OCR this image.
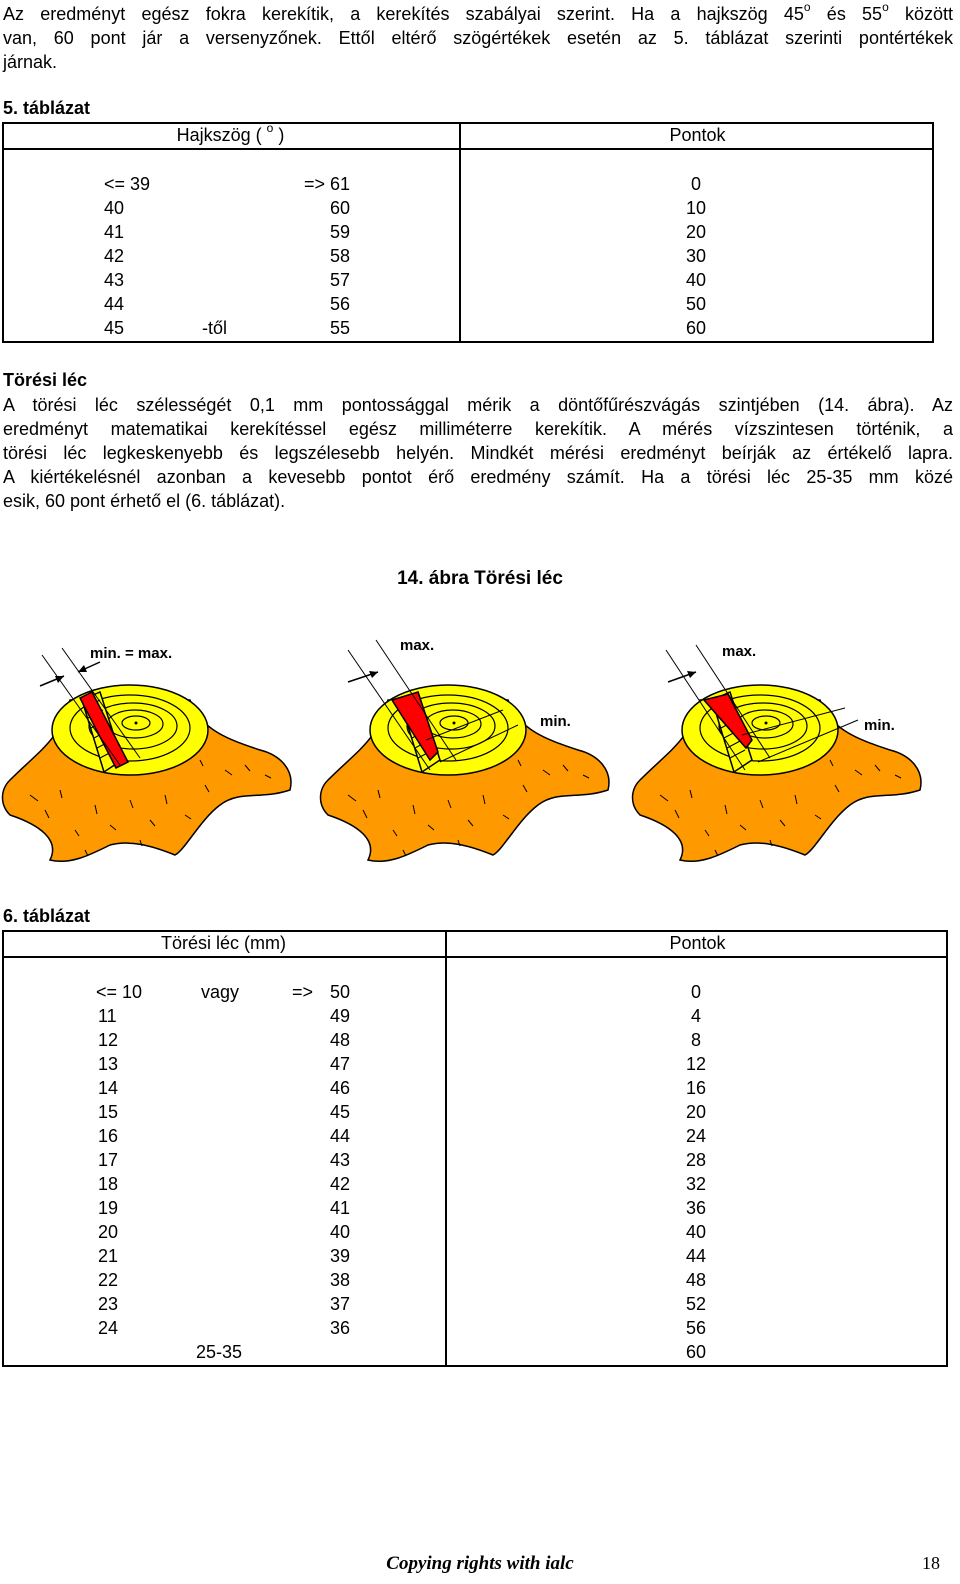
Az eredményt egész fokra kerekítik, a kerekítés szabályai szerint. Ha a hajkszög 45$^o$ és 55$^o$ között
van, 60 pont jár a versenyzőnek. Ettől eltérő szögértékek esetén az 5. táblázat szerinti pontértékek
járnak.
5. táblázat
Hajkszög ( $^o$ )	Pontok
<= 39	=> 61	0
40	60	10
41	59	20
42	58	30
43	57	40
44	56	50
45	-től	55	60
Törési léc
A törési léc szélességét 0,1 mm pontossággal mérik a döntőfűrészvágás szintjében (14. ábra). Az
eredményt matematikai kerekítéssel egész milliméterre kerekítik. A mérés vízszintesen történik, a
törési léc legkeskenyebb és legszélesebb helyén. Mindkét mérési eredményt beírják az értékelő lapra.
A kiértékelésnél azonban a kevesebb pontot érő eredmény számít. Ha a törési léc 25-35 mm közé
esik, 60 pont érhető el (6. táblázat).
14. ábra Törési léc
min. = max.	max.
min.
max.
min.
6. táblázat
Törési léc (mm)	Pontok
<= 10	vagy	=> 50	0
11	49	4
12	48	8
13	47	12
14	46	16
15	45	20
16	44	24
17	43	28
18	42	32
19	41	36
20	40	40
21	39	44
22	38	48
23	37	52
24	36	56
25-35	60
Copying rights with ialc	18
